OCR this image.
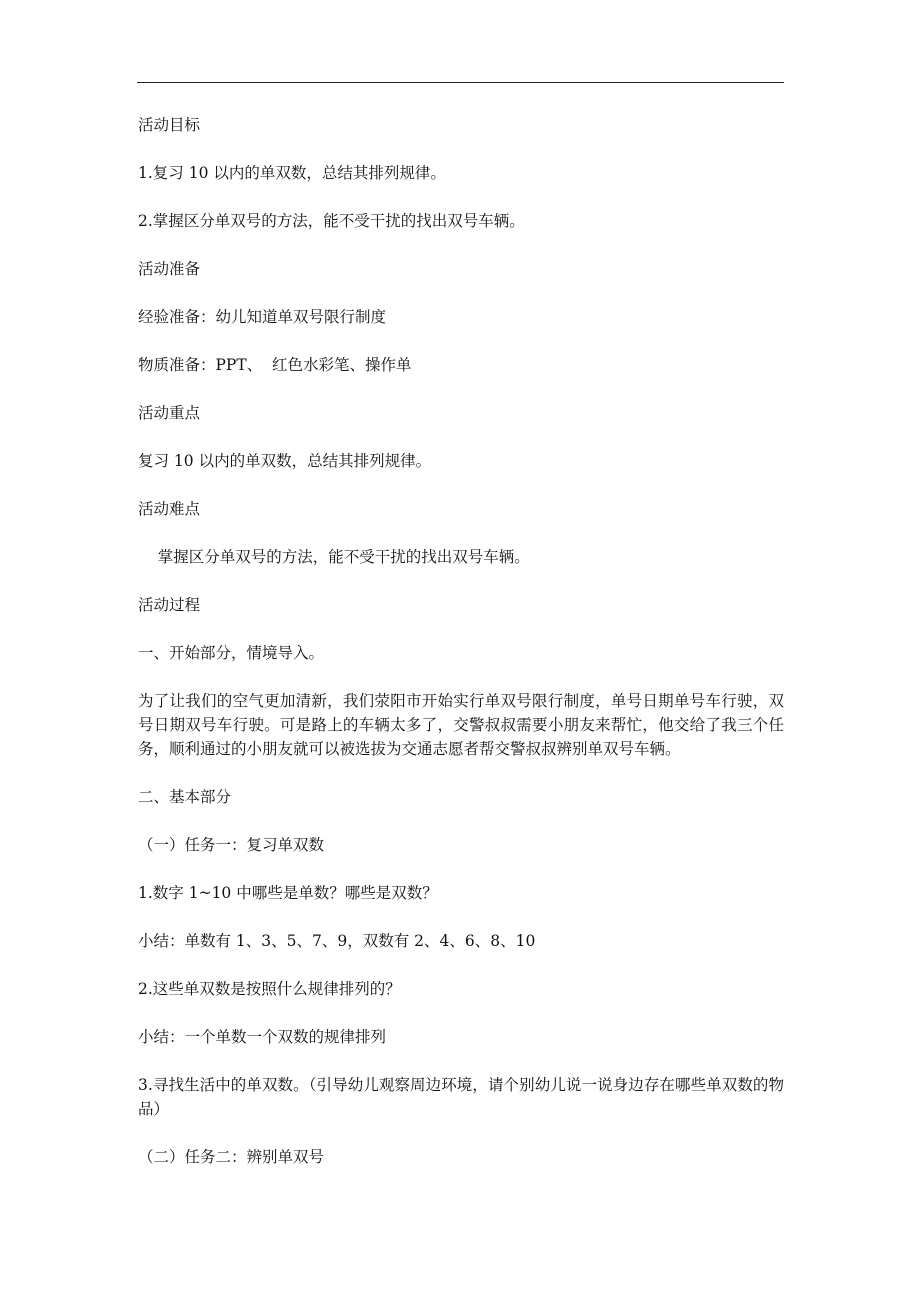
活动目标
1.复习 10 以内的单双数，总结其排列规律。
2.掌握区分单双号的方法，能不受干扰的找出双号车辆。
活动准备
经验准备：幼儿知道单双号限行制度
物质准备：PPT、  红色水彩笔、操作单
活动重点
复习 10 以内的单双数，总结其排列规律。
活动难点
掌握区分单双号的方法，能不受干扰的找出双号车辆。
活动过程
一、开始部分，情境导入。
为了让我们的空气更加清新，我们荥阳市开始实行单双号限行制度，单号日期单号车行驶，双号日期双号车行驶。可是路上的车辆太多了，交警叔叔需要小朋友来帮忙，他交给了我三个任务，顺利通过的小朋友就可以被选拔为交通志愿者帮交警叔叔辨别单双号车辆。
二、基本部分
（一）任务一：复习单双数
1.数字 1~10 中哪些是单数？哪些是双数？
小结：单数有 1、3、5、7、9，双数有 2、4、6、8、10
2.这些单双数是按照什么规律排列的？
小结：一个单数一个双数的规律排列
3.寻找生活中的单双数。（引导幼儿观察周边环境，请个别幼儿说一说身边存在哪些单双数的物品）
（二）任务二：辨别单双号
